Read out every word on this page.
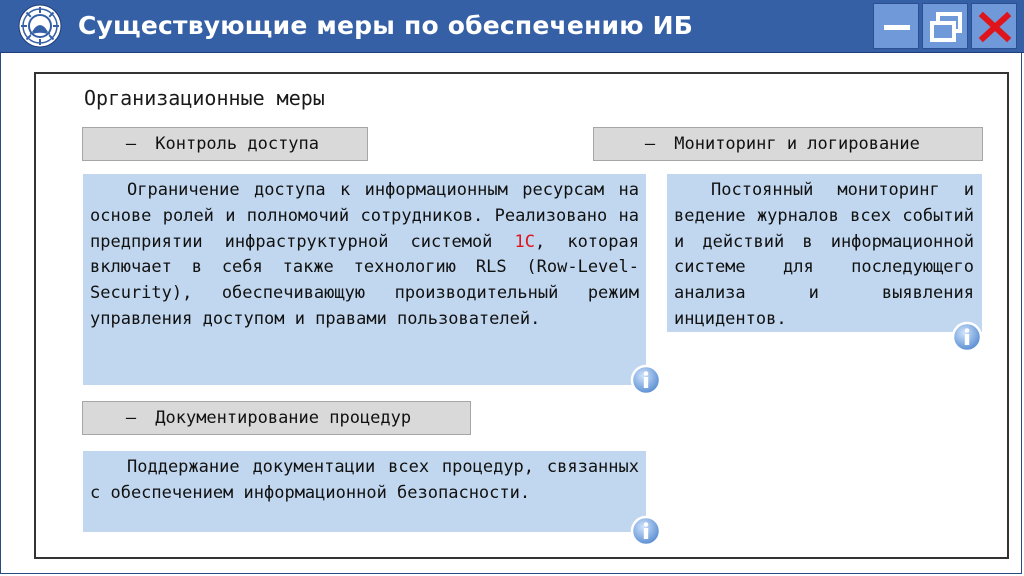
Существующие меры по обеспечению ИБ
Организационные меры
– Контроль доступа

Ограничение доступа к информационным ресурсам на основе ролей и полномочий сотрудников. Реализовано на предприятии инфраструктурной системой 1С, которая включает в себя также технологию RLS (Row-Level-Security), обеспечивающую производительный режим управления доступом и правами пользователей.

– Мониторинг и логирование

Постоянный мониторинг и ведение журналов всех событий и действий в информационной системе для последующего анализа и выявления инцидентов.

– Документирование процедур

Поддержание документации всех процедур, связанных с обеспечением информационной безопасности.
